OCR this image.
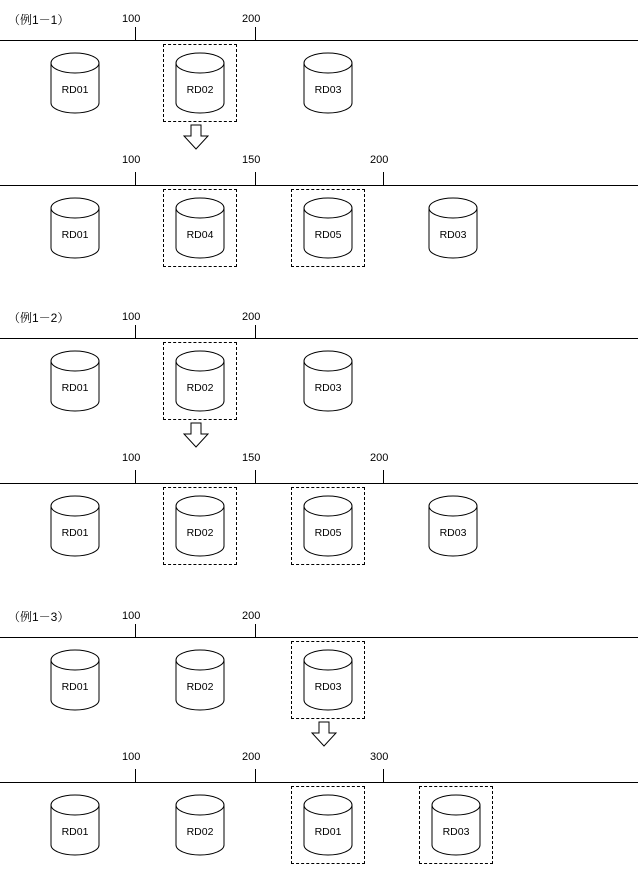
（例1－1）	100	200
RD01	RD02	RD03
100	150	200
RD01	RD04	RD05	RD03
（例1－2）	100	200
RD01	RD02	RD03
100	150	200
RD01	RD02	RD05	RD03
（例1－3）	100	200
RD01	RD02	RD03
100	200	300
RD01	RD02	RD01	RD03
